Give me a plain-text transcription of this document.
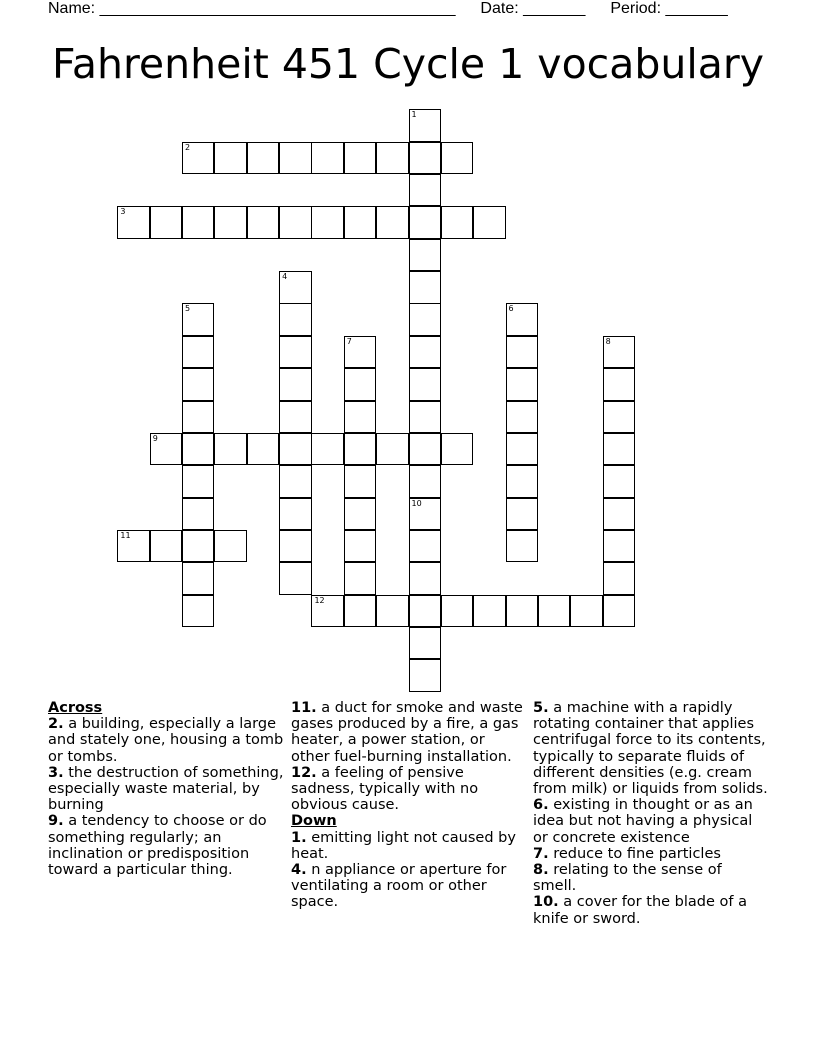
Name: ________________________________________ Date: _______ Period: _______
Fahrenheit 451 Cycle 1 vocabulary
1
2
3
4
5	6
7	8
9
10
11
12

Across

2. a building, especially a large and stately one, housing a tomb or tombs.

3. the destruction of something, especially waste material, by burning

9. a tendency to choose or do something regularly; an inclination or predisposition toward a particular thing.

11. a duct for smoke and waste gases produced by a fire, a gas heater, a power station, or other fuel-burning installation.

12. a feeling of pensive sadness, typically with no obvious cause.

Down

1. emitting light not caused by heat.

4. n appliance or aperture for ventilating a room or other space.

5. a machine with a rapidly rotating container that applies centrifugal force to its contents, typically to separate fluids of different densities (e.g. cream from milk) or liquids from solids.

6. existing in thought or as an idea but not having a physical or concrete existence

7. reduce to fine particles

8. relating to the sense of smell.

10. a cover for the blade of a knife or sword.
